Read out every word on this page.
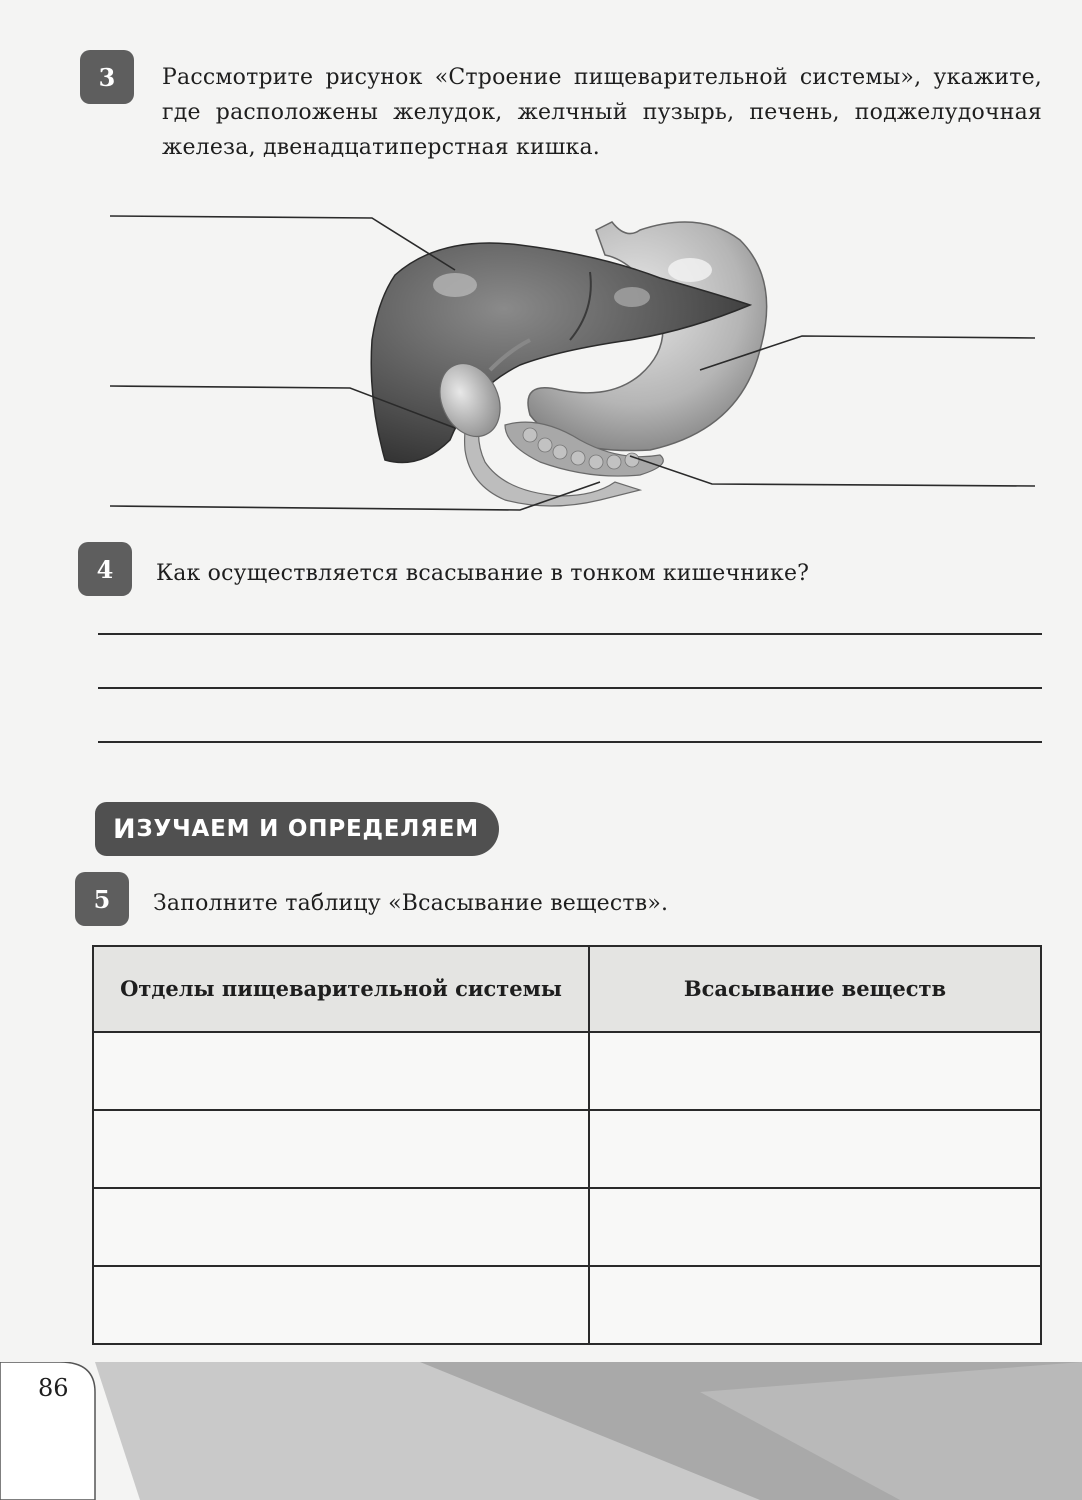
3	Рассмотрите рисунок «Строение пищеварительной системы», укажите, где расположены желудок, желчный пузырь, печень, поджелудочная железа, двенадцатиперстная кишка.
4	Как осуществляется всасывание в тонком кишечнике?
И ЗУЧАЕМ И ОПРЕДЕЛЯЕМ
5	Заполните таблицу «Всасывание веществ».
Отделы пищеварительной системы	Всасывание веществ

86
